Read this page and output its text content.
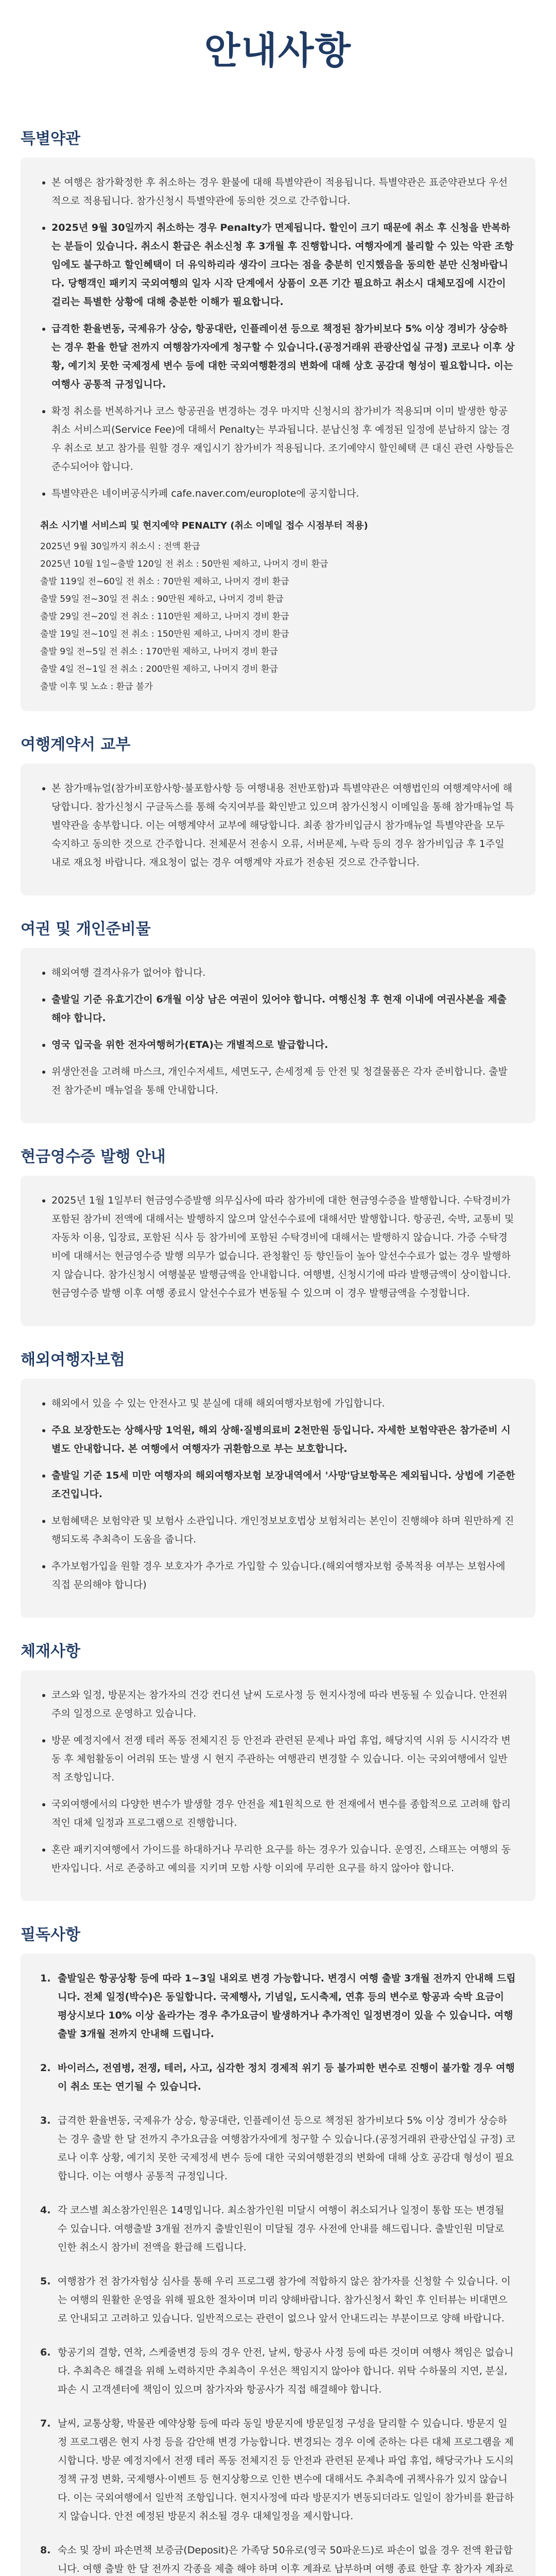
안내사항
특별약관
• 본 여행은 참가확정한 후 취소하는 경우 환불에 대해 특별약관이 적용됩니다. 특별약관은 표준약관보다 우선적으로 적용됩니다. 참가신청시 특별약관에 동의한 것으로 간주합니다.
• 2025년 9월 30일까지 취소하는 경우 Penalty가 면제됩니다. 할인이 크기 때문에 취소 후 신청을 반복하는 분들이 있습니다. 취소시 환급은 취소신청 후 3개월 후 진행합니다. 여행자에게 불리할 수 있는 악관 조항임에도 불구하고 할인혜택이 더 유익하리라 생각이 크다는 점을 충분히 인지했음을 동의한 분만 신청바랍니다. 당행객인 패키지 국외여행의 일자 시작 단계에서 상품이 오픈 기간 필요하고 취소시 대체모집에 시간이 걸리는 특별한 상황에 대해 충분한 이해가 필요합니다.
• 급격한 환율변동, 국제유가 상승, 항공대란, 인플레이션 등으로 책정된 참가비보다 5% 이상 경비가 상승하는 경우 환율 한달 전까지 여행참가자에게 청구할 수 있습니다.(공정거래위 관광산업실 규정) 코로나 이후 상황, 예기치 못한 국제정세 변수 등에 대한 국외여행환경의 변화에 대해 상호 공감대 형성이 필요합니다. 이는 여행사 공통적 규정입니다.
• 확정 취소를 번복하거나 코스 항공권을 변경하는 경우 마지막 신청시의 참가비가 적용되며 이미 발생한 항공취소 서비스피(Service Fee)에 대해서 Penalty는 부과됩니다. 분납신청 후 예정된 일정에 분납하지 않는 경우 취소로 보고 참가를 원할 경우 재입시기 참가비가 적용됩니다. 조기예약시 할인혜택 큰 대신 관련 사항들은 준수되어야 합니다.
• 특별약관은 네이버공식카페 cafe.naver.com/europlote에 공지합니다.
취소 시기별 서비스피 및 현지예약 PENALTY (취소 이메일 접수 시점부터 적용)
2025년 9월 30일까지 취소시 : 전액 환급
2025년 10월 1일~출발 120일 전 취소 : 50만원 제하고, 나머지 경비 환급
출발 119일 전~60일 전 취소 : 70만원 제하고, 나머지 경비 환급
출발 59일 전~30일 전 취소 : 90만원 제하고, 나머지 경비 환급
출발 29일 전~20일 전 취소 : 110만원 제하고, 나머지 경비 환급
출발 19일 전~10일 전 취소 : 150만원 제하고, 나머지 경비 환급
출발 9일 전~5일 전 취소 : 170만원 제하고, 나머지 경비 환급
출발 4일 전~1일 전 취소 : 200만원 제하고, 나머지 경비 환급
출발 이후 및 노쇼 : 환급 불가
여행계약서 교부
• 본 참가매뉴얼(참가비포함사항·불포함사항 등 여행내용 전반포함)과 특별약관은 여행법인의 여행계약서에 해당합니다. 참가신청시 구글독스를 통해 숙지여부를 확인받고 있으며 참가신청시 이메일을 통해 참가매뉴얼 특별약관을 송부합니다. 이는 여행계약서 교부에 해당합니다. 최종 참가비입금시 참가매뉴얼 특별약관을 모두 숙지하고 동의한 것으로 간주합니다. 전체문서 전송시 오류, 서버문제, 누락 등의 경우 참가비입금 후 1주일 내로 재요청 바랍니다. 재요청이 없는 경우 여행계약 자료가 전송된 것으로 간주합니다.
여권 및 개인준비물
• 해외여행 결격사유가 없어야 합니다.
• 출발일 기준 유효기간이 6개월 이상 남은 여권이 있어야 합니다. 여행신청 후 현재 이내에 여권사본을 제출해야 합니다.
• 영국 입국을 위한 전자여행허가(ETA)는 개별적으로 발급합니다.
• 위생안전을 고려해 마스크, 개인수저세트, 세면도구, 손세정제 등 안전 및 청결물품은 각자 준비합니다. 출발 전 참가준비 매뉴얼을 통해 안내합니다.
현금영수증 발행 안내
• 2025년 1월 1일부터 현금영수증발행 의무십사에 따라 참가비에 대한 현금영수증을 발행합니다. 수탁경비가 포함된 참가비 전액에 대해서는 발행하지 않으며 알선수수료에 대해서만 발행합니다. 항공권, 숙박, 교통비 및 자동차 이용, 입장료, 포함된 식사 등 참가비에 포함된 수탁경비에 대해서는 발행하지 않습니다. 가증 수탁경비에 대해서는 현금영수증 발행 의무가 없습니다. 관청활인 등 향인들이 높아 알선수수료가 없는 경우 발행하지 않습니다. 참가신청시 여행불문 발행금액을 안내합니다. 여행별, 신청시기에 따라 발행금액이 상이합니다. 현금영수증 발행 이후 여행 종료시 알선수수료가 변동될 수 있으며 이 경우 발행금액을 수정합니다.
해외여행자보험
• 해외에서 있을 수 있는 안전사고 및 분실에 대해 해외여행자보험에 가입합니다.
• 주요 보장한도는 상해사망 1억원, 해외 상해·질병의료비 2천만원 등입니다. 자세한 보험약관은 참가준비 시 별도 안내합니다. 본 여행에서 여행자가 귀환함으로 부는 보호합니다.
• 출발일 기준 15세 미만 여행자의 해외여행자보험 보장내역에서 '사망'담보항목은 제외됩니다. 상법에 기준한 조건입니다.
• 보험혜택은 보험약관 및 보험사 소관입니다. 개인정보보호법상 보험처리는 본인이 진행해야 하며 원만하게 진행되도록 추최측이 도움을 줍니다.
• 추가보험가입을 원할 경우 보호자가 추가로 가입할 수 있습니다.(해외여행자보험 중복적용 여부는 보험사에 직접 문의해야 합니다)
체재사항
• 코스와 일정, 방문지는 참가자의 건강 컨디션 날씨 도로사정 등 현지사정에 따라 변동될 수 있습니다. 안전위주의 일정으로 운영하고 있습니다.
• 방문 예정지에서 전쟁 테러 폭동 전체지진 등 안전과 관련된 문제나 파업 휴업, 해당지역 시위 등 시시각각 변동 후 체험활동이 어려워 또는 발생 시 현지 주관하는 여행관리 변경할 수 있습니다. 이는 국외여행에서 일반적 조항입니다.
• 국외여행에서의 다양한 변수가 발생할 경우 안전을 제1원칙으로 한 전재에서 변수를 종합적으로 고려해 합리적인 대체 일정과 프로그램으로 진행합니다.
• 혼란 패키지여행에서 가이드를 하대하거나 무리한 요구를 하는 경우가 있습니다. 운영진, 스태프는 여행의 동반자입니다. 서로 존중하고 예의를 지키며 모함 사항 이외에 무리한 요구를 하지 않아야 합니다.
필독사항
1. 출발일은 항공상황 등에 따라 1~3일 내외로 변경 가능합니다. 변경시 여행 출발 3개월 전까지 안내해 드립니다. 전체 일정(박수)은 동일합니다. 국제행사, 기념일, 도시축제, 연휴 등의 변수로 항공과 숙박 요금이 평상시보다 10% 이상 올라가는 경우 추가요금이 발생하거나 추가적인 일정변경이 있을 수 있습니다. 여행 출발 3개월 전까지 안내해 드립니다.
2. 바이러스, 전염병, 전쟁, 테러, 사고, 심각한 정치 경제적 위기 등 불가피한 변수로 진행이 불가할 경우 여행이 취소 또는 연기될 수 있습니다.
3. 급격한 환율변동, 국제유가 상승, 항공대란, 인플레이션 등으로 책정된 참가비보다 5% 이상 경비가 상승하는 경우 출발 한 달 전까지 추가요금을 여행참가자에게 청구할 수 있습니다.(공정거래위 관광산업실 규정) 코로나 이후 상황, 예기치 못한 국제정세 변수 등에 대한 국외여행환경의 변화에 대해 상호 공감대 형성이 필요합니다. 이는 여행사 공통적 규정입니다.
4. 각 코스별 최소참가인원은 14명입니다. 최소참가인원 미달시 여행이 취소되거나 일정이 통합 또는 변경될 수 있습니다. 여행출발 3개월 전까지 출발인원이 미달될 경우 사전에 안내를 해드립니다. 출발인원 미달로 인한 취소시 참가비 전액을 환급해 드립니다.
5. 여행참가 전 참가자험상 심사를 통해 우리 프로그램 참가에 적합하지 않은 참가자를 신청할 수 있습니다. 이는 여행의 원활한 운영을 위해 필요한 절차이며 미리 양해바랍니다. 참가신청서 확인 후 인터뷰는 비대면으로 안내되고 고려하고 있습니다. 일반적으로는 관련이 없으나 앞서 안내드리는 부분이므로 양해 바랍니다.
6. 항공기의 결항, 연착, 스케줄변경 등의 경우 안전, 날씨, 항공사 사정 등에 따른 것이며 여행사 책임은 없습니다. 추최측은 해결을 위해 노력하지만 추최측이 우선은 책임지지 않아야 합니다. 위탁 수하물의 지연, 분실, 파손 시 고객센터에 책임이 있으며 참가자와 항공사가 직접 해결해야 합니다.
7. 날씨, 교통상황, 박물관 예약상황 등에 따라 동일 방문지에 방문일정 구성을 달리할 수 있습니다. 방문지 일정 프로그램은 현지 사정 등을 감안해 변경 가능합니다. 변경되는 경우 이에 준하는 다른 대체 프로그램을 제시합니다. 방문 예정지에서 전쟁 테러 폭동 전체지진 등 안전과 관련된 문제나 파업 휴업, 해당국가나 도시의 정책 규정 변화, 국제행사·이벤트 등 현지상황으로 인한 변수에 대해서도 추최측에 귀책사유가 있지 않습니다. 이는 국외여행에서 일반적 조항입니다. 현지사정에 따라 방문지가 변동되더라도 일일이 참가비를 환급하지 않습니다. 안전 예정된 방문지 취소될 경우 대체일정을 제시합니다.
8. 숙소 및 장비 파손면책 보증금(Deposit)은 가족당 50유로(영국 50파운드)로 파손이 없을 경우 전액 환급합니다. 여행 출발 한 달 전까지 각종을 제출 해야 하며 이후 계좌로 납부하며 여행 종료 한달 후 참가자 계좌로
